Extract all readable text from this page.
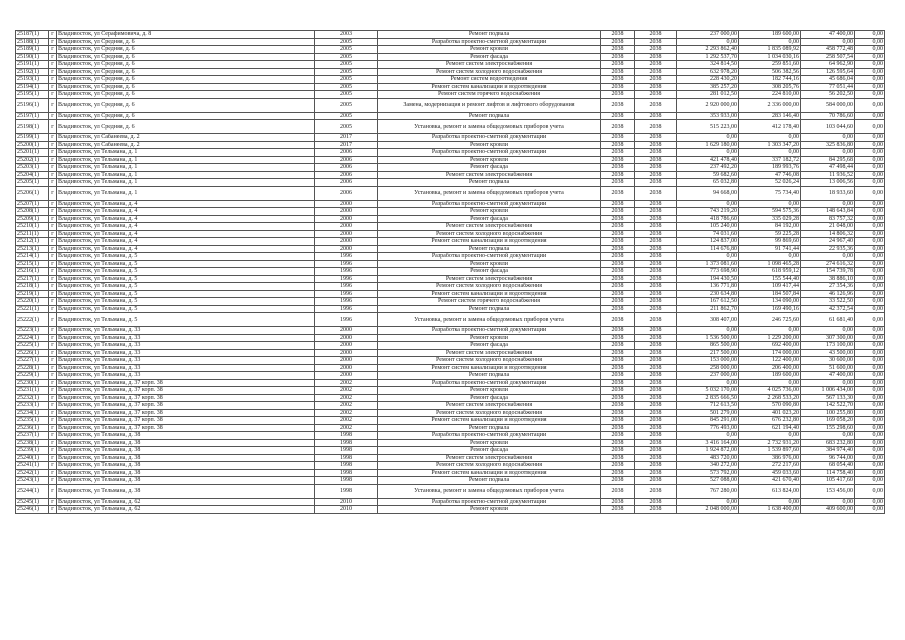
25187(1)	г	Владивосток, ул Серафимовича, д. 8	2003	Ремонт подвала	2038	2038	237 000,00	189 600,00	47 400,00	0,00
25188(1)	г	Владивосток, ул Средняя, д. 6	2005	Разработка проектно-сметной документации	2038	2038	0,00	0,00	0,00	0,00
25189(1)	г	Владивосток, ул Средняя, д. 6	2005	Ремонт кровли	2038	2038	2 293 862,40	1 835 089,92	458 772,48	0,00
25190(1)	г	Владивосток, ул Средняя, д. 6	2005	Ремонт фасада	2038	2038	1 292 537,70	1 034 030,16	258 507,54	0,00
25191(1)	г	Владивосток, ул Средняя, д. 6	2005	Ремонт систем электроснабжения	2038	2038	324 814,50	259 851,60	64 962,90	0,00
25192(1)	г	Владивосток, ул Средняя, д. 6	2005	Ремонт систем холодного водоснабжения	2038	2038	632 978,20	506 382,56	126 595,64	0,00
25193(1)	г	Владивосток, ул Средняя, д. 6	2005	Ремонт систем водоотведения	2038	2038	228 430,20	182 744,16	45 686,04	0,00
25194(1)	г	Владивосток, ул Средняя, д. 6	2005	Ремонт систем канализации и водоотведения	2038	2038	385 257,20	308 205,76	77 051,44	0,00
25195(1)	г	Владивосток, ул Средняя, д. 6	2005	Ремонт систем горячего водоснабжения	2038	2038	281 012,50	224 810,00	56 202,50	0,00
25196(1)	г	Владивосток, ул Средняя, д. 6	2005	Замена, модернизация и ремонт лифтов и лифтового оборудования	2038	2038	2 920 000,00	2 336 000,00	584 000,00	0,00
25197(1)	г	Владивосток, ул Средняя, д. 6	2005	Ремонт подвала	2038	2038	353 933,00	283 146,40	70 786,60	0,00
25198(1)	г	Владивосток, ул Средняя, д. 6	2005	Установка, ремонт и замена общедомовых приборов учета	2038	2038	515 223,00	412 178,40	103 044,60	0,00
25199(1)	г	Владивосток, ул Сабанеева, д. 2	2017	Разработка проектно-сметной документации	2038	2038	0,00	0,00	0,00	0,00
25200(1)	г	Владивосток, ул Сабанеева, д. 2	2017	Ремонт кровли	2038	2038	1 629 180,00	1 303 347,20	325 836,80	0,00
25201(1)	г	Владивосток, ул Тельмана, д. 1	2006	Разработка проектно-сметной документации	2038	2038	0,00	0,00	0,00	0,00
25202(1)	г	Владивосток, ул Тельмана, д. 1	2006	Ремонт кровли	2038	2038	421 478,40	337 182,72	84 295,68	0,00
25203(1)	г	Владивосток, ул Тельмана, д. 1	2006	Ремонт фасада	2038	2038	237 492,20	189 993,76	47 498,44	0,00
25204(1)	г	Владивосток, ул Тельмана, д. 1	2006	Ремонт систем электроснабжения	2038	2038	59 682,60	47 746,08	11 936,52	0,00
25205(1)	г	Владивосток, ул Тельмана, д. 1	2006	Ремонт подвала	2038	2038	65 032,80	52 026,24	13 006,56	0,00
25206(1)	г	Владивосток, ул Тельмана, д. 1	2006	Установка, ремонт и замена общедомовых приборов учета	2038	2038	94 668,00	75 734,40	18 933,60	0,00
25207(1)	г	Владивосток, ул Тельмана, д. 4	2000	Разработка проектно-сметной документации	2038	2038	0,00	0,00	0,00	0,00
25208(1)	г	Владивосток, ул Тельмана, д. 4	2000	Ремонт кровли	2038	2038	743 219,20	594 575,36	148 643,84	0,00
25209(1)	г	Владивосток, ул Тельмана, д. 4	2000	Ремонт фасада	2038	2038	418 786,60	335 029,28	83 757,32	0,00
25210(1)	г	Владивосток, ул Тельмана, д. 4	2000	Ремонт систем электроснабжения	2038	2038	105 240,00	84 192,00	21 048,00	0,00
25211(1)	г	Владивосток, ул Тельмана, д. 4	2000	Ремонт систем холодного водоснабжения	2038	2038	74 031,60	59 225,28	14 806,32	0,00
25212(1)	г	Владивосток, ул Тельмана, д. 4	2000	Ремонт систем канализации и водоотведения	2038	2038	124 837,00	99 869,60	24 967,40	0,00
25213(1)	г	Владивосток, ул Тельмана, д. 4	2000	Ремонт подвала	2038	2038	114 676,80	91 741,44	22 935,36	0,00
25214(1)	г	Владивосток, ул Тельмана, д. 5	1996	Разработка проектно-сметной документации	2038	2038	0,00	0,00	0,00	0,00
25215(1)	г	Владивосток, ул Тельмана, д. 5	1996	Ремонт кровли	2038	2038	1 373 081,60	1 098 465,28	274 616,32	0,00
25216(1)	г	Владивосток, ул Тельмана, д. 5	1996	Ремонт фасада	2038	2038	773 698,90	618 959,12	154 739,78	0,00
25217(1)	г	Владивосток, ул Тельмана, д. 5	1996	Ремонт систем электроснабжения	2038	2038	194 430,50	155 544,40	38 886,10	0,00
25218(1)	г	Владивосток, ул Тельмана, д. 5	1996	Ремонт систем холодного водоснабжения	2038	2038	136 771,80	109 417,44	27 354,36	0,00
25219(1)	г	Владивосток, ул Тельмана, д. 5	1996	Ремонт систем канализации и водоотведения	2038	2038	230 634,80	184 507,84	46 126,96	0,00
25220(1)	г	Владивосток, ул Тельмана, д. 5	1996	Ремонт систем горячего водоснабжения	2038	2038	167 612,50	134 090,00	33 522,50	0,00
25221(1)	г	Владивосток, ул Тельмана, д. 5	1996	Ремонт подвала	2038	2038	211 862,70	169 490,16	42 372,54	0,00
25222(1)	г	Владивосток, ул Тельмана, д. 5	1996	Установка, ремонт и замена общедомовых приборов учета	2038	2038	308 407,00	246 725,60	61 681,40	0,00
25223(1)	г	Владивосток, ул Тельмана, д. 33	2000	Разработка проектно-сметной документации	2038	2038	0,00	0,00	0,00	0,00
25224(1)	г	Владивосток, ул Тельмана, д. 33	2000	Ремонт кровли	2038	2038	1 536 500,00	1 229 200,00	307 300,00	0,00
25225(1)	г	Владивосток, ул Тельмана, д. 33	2000	Ремонт фасада	2038	2038	865 500,00	692 400,00	173 100,00	0,00
25226(1)	г	Владивосток, ул Тельмана, д. 33	2000	Ремонт систем электроснабжения	2038	2038	217 500,00	174 000,00	43 500,00	0,00
25227(1)	г	Владивосток, ул Тельмана, д. 33	2000	Ремонт систем холодного водоснабжения	2038	2038	153 000,00	122 400,00	30 600,00	0,00
25228(1)	г	Владивосток, ул Тельмана, д. 33	2000	Ремонт систем канализации и водоотведения	2038	2038	258 000,00	206 400,00	51 600,00	0,00
25229(1)	г	Владивосток, ул Тельмана, д. 33	2000	Ремонт подвала	2038	2038	237 000,00	189 600,00	47 400,00	0,00
25230(1)	г	Владивосток, ул Тельмана, д. 37 корп. 38	2002	Разработка проектно-сметной документации	2038	2038	0,00	0,00	0,00	0,00
25231(1)	г	Владивосток, ул Тельмана, д. 37 корп. 38	2002	Ремонт кровли	2038	2038	5 032 170,00	4 025 736,00	1 006 434,00	0,00
25232(1)	г	Владивосток, ул Тельмана, д. 37 корп. 38	2002	Ремонт фасада	2038	2038	2 835 666,50	2 268 533,20	567 133,30	0,00
25233(1)	г	Владивосток, ул Тельмана, д. 37 корп. 38	2002	Ремонт систем электроснабжения	2038	2038	712 613,50	570 090,80	142 522,70	0,00
25234(1)	г	Владивосток, ул Тельмана, д. 37 корп. 38	2002	Ремонт систем холодного водоснабжения	2038	2038	501 279,00	401 023,20	100 255,80	0,00
25235(1)	г	Владивосток, ул Тельмана, д. 37 корп. 38	2002	Ремонт систем канализации и водоотведения	2038	2038	845 291,00	676 232,80	169 058,20	0,00
25236(1)	г	Владивосток, ул Тельмана, д. 37 корп. 38	2002	Ремонт подвала	2038	2038	776 493,00	621 194,40	155 298,60	0,00
25237(1)	г	Владивосток, ул Тельмана, д. 38	1998	Разработка проектно-сметной документации	2038	2038	0,00	0,00	0,00	0,00
25238(1)	г	Владивосток, ул Тельмана, д. 38	1998	Ремонт кровли	2038	2038	3 416 164,00	2 732 931,20	683 232,80	0,00
25239(1)	г	Владивосток, ул Тельмана, д. 38	1998	Ремонт фасада	2038	2038	1 924 872,00	1 539 897,60	384 974,40	0,00
25240(1)	г	Владивосток, ул Тельмана, д. 38	1998	Ремонт систем электроснабжения	2038	2038	483 720,00	386 976,00	96 744,00	0,00
25241(1)	г	Владивосток, ул Тельмана, д. 38	1998	Ремонт систем холодного водоснабжения	2038	2038	340 272,00	272 217,60	68 054,40	0,00
25242(1)	г	Владивосток, ул Тельмана, д. 38	1998	Ремонт систем канализации и водоотведения	2038	2038	573 792,00	459 033,60	114 758,40	0,00
25243(1)	г	Владивосток, ул Тельмана, д. 38	1998	Ремонт подвала	2038	2038	527 088,00	421 670,40	105 417,60	0,00
25244(1)	г	Владивосток, ул Тельмана, д. 38	1998	Установка, ремонт и замена общедомовых приборов учета	2038	2038	767 280,00	613 824,00	153 456,00	0,00
25245(1)	г	Владивосток, ул Тельмана, д. 62	2010	Разработка проектно-сметной документации	2038	2038	0,00	0,00	0,00	0,00
25246(1)	г	Владивосток, ул Тельмана, д. 62	2010	Ремонт кровли	2038	2038	2 048 000,00	1 638 400,00	409 600,00	0,00
